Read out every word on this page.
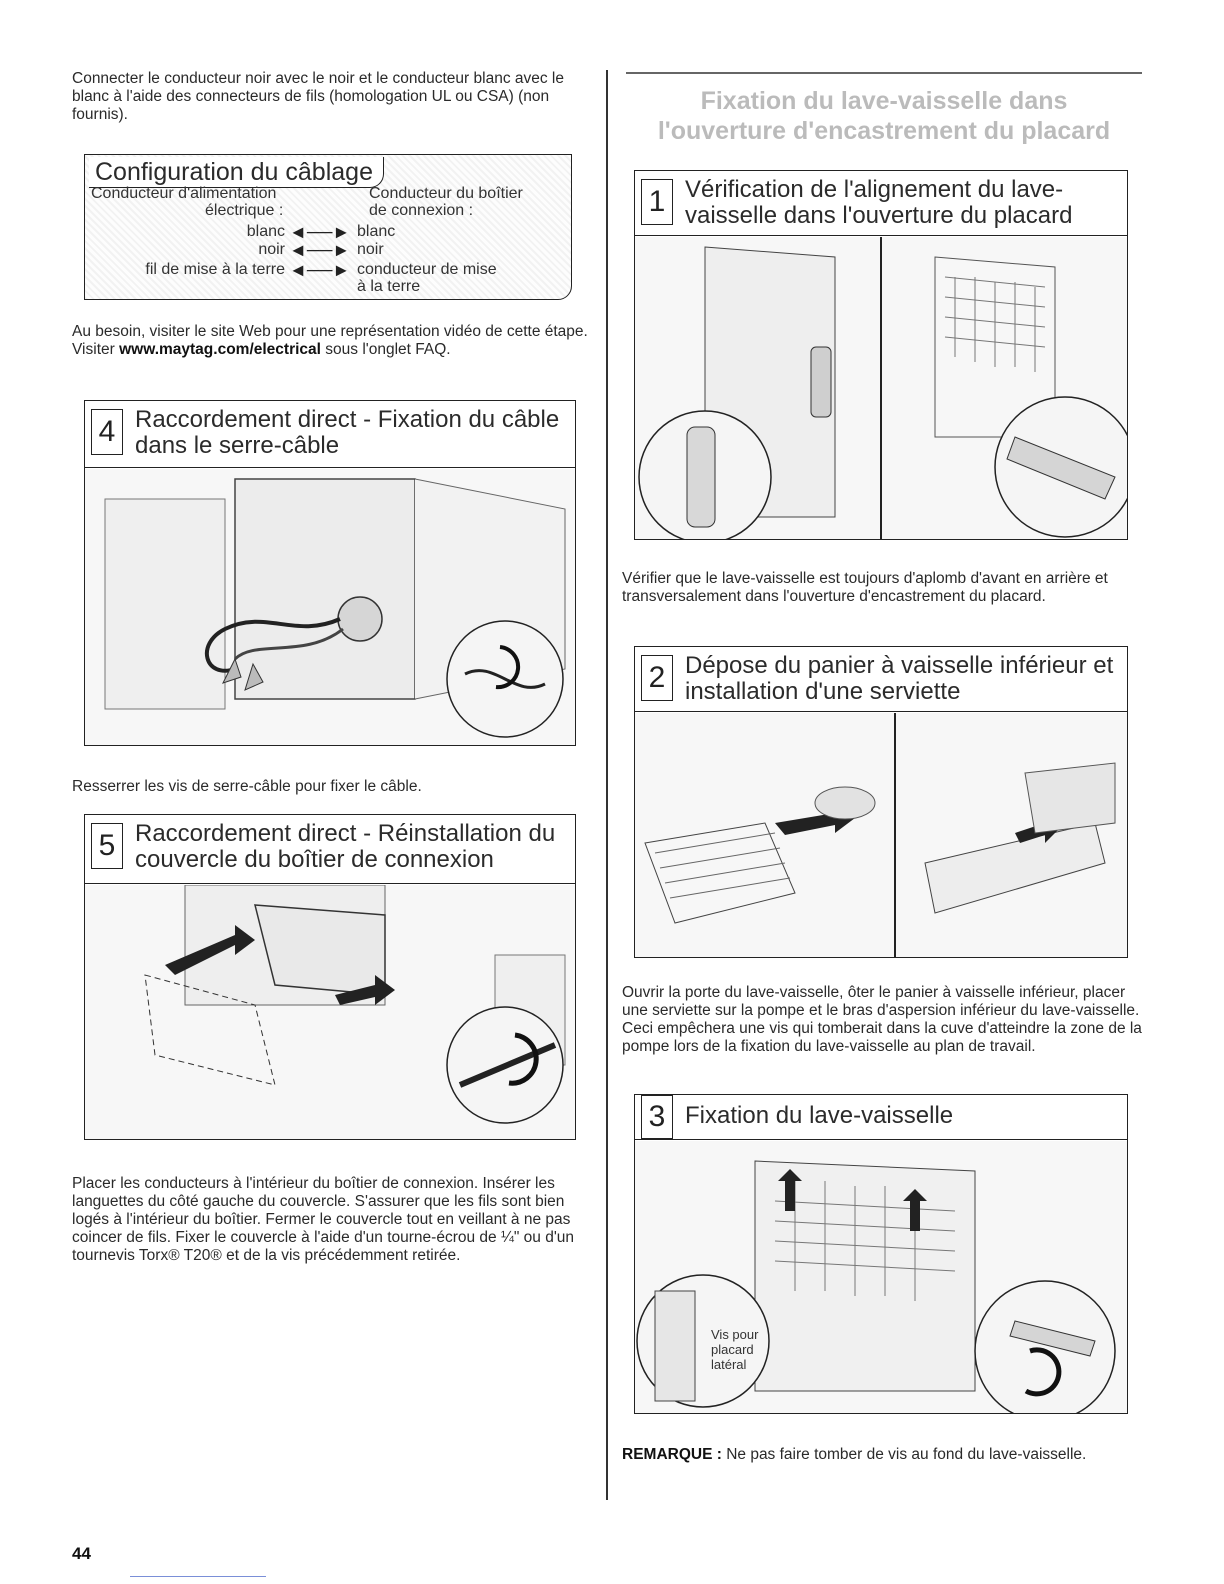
Connecter le conducteur noir avec le noir et le conducteur blanc avec le blanc à l'aide des connecteurs de fils (homologation UL ou CSA) (non fournis).
Configuration du câblage
Conducteur d'alimentation
électrique :
Conducteur du boîtier
de connexion :
blanc ◄──► blanc
noir ◄──► noir
fil de mise à la terre ◄──► conducteur de mise
à la terre
Au besoin, visiter le site Web pour une représentation vidéo de cette étape. Visiter www.maytag.com/electrical sous l'onglet FAQ.
4 Raccordement direct - Fixation du câble dans le serre-câble
Resserrer les vis de serre-câble pour fixer le câble.
5 Raccordement direct - Réinstallation du couvercle du boîtier de connexion
Placer les conducteurs à l'intérieur du boîtier de connexion. Insérer les languettes du côté gauche du couvercle. S'assurer que les fils sont bien logés à l'intérieur du boîtier. Fermer le couvercle tout en veillant à ne pas coincer de fils. Fixer le couvercle à l'aide d'un tourne-écrou de ¼" ou d'un tournevis Torx® T20® et de la vis précédemment retirée.
44
Fixation du lave-vaisselle dans
l'ouverture d'encastrement du placard
1 Vérification de l'alignement du lave-vaisselle dans l'ouverture du placard
Vérifier que le lave-vaisselle est toujours d'aplomb d'avant en arrière et transversalement dans l'ouverture d'encastrement du placard.
2 Dépose du panier à vaisselle inférieur et installation d'une serviette
Ouvrir la porte du lave-vaisselle, ôter le panier à vaisselle inférieur, placer une serviette sur la pompe et le bras d'aspersion inférieur du lave-vaisselle. Ceci empêchera une vis qui tomberait dans la cuve d'atteindre la zone de la pompe lors de la fixation du lave-vaisselle au plan de travail.
3 Fixation du lave-vaisselle
Vis pour
placard
latéral
REMARQUE : Ne pas faire tomber de vis au fond du lave-vaisselle.
